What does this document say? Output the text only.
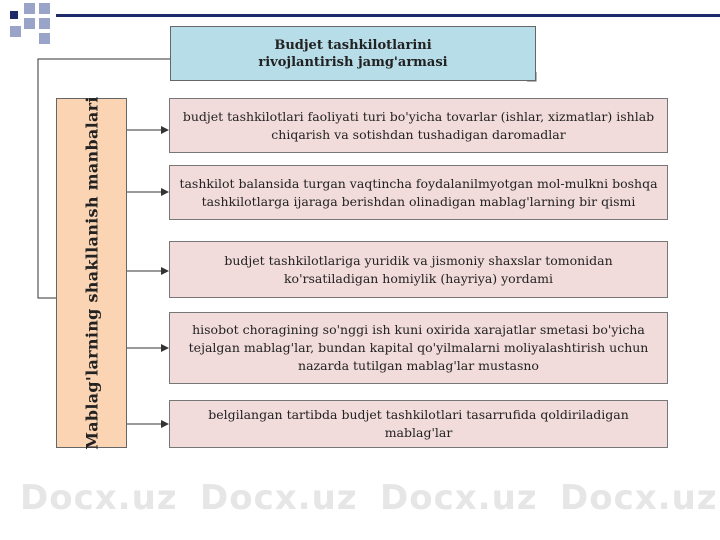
Docx.uz Docx.uz Docx.uz Docx.uz
Budjet tashkilotlarini
rivojlantirish jamg'armasi
Mablag'larning shakllanish manbalari	budjet tashkilotlari faoliyati turi bo'yicha tovarlar (ishlar, xizmatlar) ishlab
chiqarish va sotishdan tushadigan daromadlar
tashkilot balansida turgan vaqtincha foydalanilmyotgan mol-mulkni boshqa
tashkilotlarga ijaraga berishdan olinadigan mablag'larning bir qismi
budjet tashkilotlariga yuridik va jismoniy shaxslar tomonidan
ko'rsatiladigan homiylik (hayriya) yordami
hisobot choragining so'nggi ish kuni oxirida xarajatlar smetasi bo'yicha
tejalgan mablag'lar, bundan kapital qo'yilmalarni moliyalashtirish uchun
nazarda tutilgan mablag'lar mustasno
belgilangan tartibda budjet tashkilotlari tasarrufida qoldiriladigan
mablag'lar
